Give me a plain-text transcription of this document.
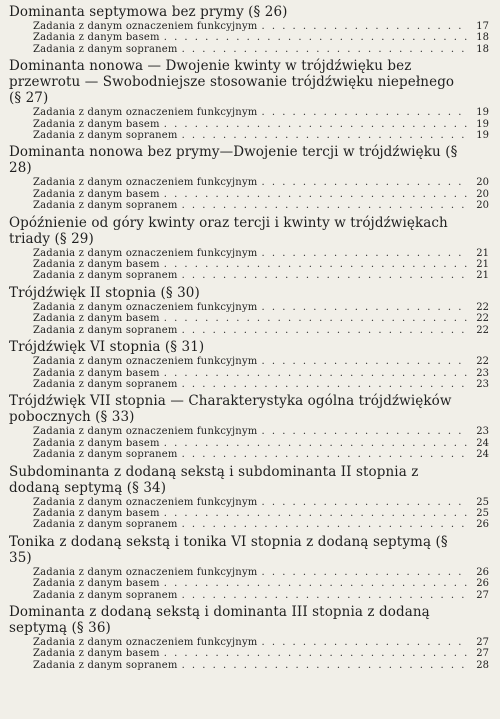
Dominanta septymowa bez prymy (§ 26)
Zadania z danym oznaczeniem funkcyjnym . . .	17
Zadania z danym basem . . .	18
Zadania z danym sopranem . . .	18
Dominanta nonowa — Dwojenie kwinty w trójdźwięku bez przewrotu — Swobodniejsze stosowanie trójdźwięku niepełnego (§ 27)
Zadania z danym oznaczeniem funkcyjnym . . .	19
Zadania z danym basem . . .	19
Zadania z danym sopranem . . .	19
Dominanta nonowa bez prymy—Dwojenie tercji w trójdźwięku (§ 28)
Zadania z danym oznaczeniem funkcyjnym . . .	20
Zadania z danym basem . . .	20
Zadania z danym sopranem . . .	20
Opóźnienie od góry kwinty oraz tercji i kwinty w trójdźwiękach triady (§ 29)
Zadania z danym oznaczeniem funkcyjnym . . .	21
Zadania z danym basem . . .	21
Zadania z danym sopranem . . .	21
Trójdźwięk II stopnia (§ 30)
Zadania z danym oznaczeniem funkcyjnym . . .	22
Zadania z danym basem . . .	22
Zadania z danym sopranem . . .	22
Trójdźwięk VI stopnia (§ 31)
Zadania z danym oznaczeniem funkcyjnym . . .	22
Zadania z danym basem . . .	23
Zadania z danym sopranem . . .	23
Trójdźwięk VII stopnia — Charakterystyka ogólna trójdźwięków pobocznych (§ 33)
Zadania z danym oznaczeniem funkcyjnym . . .	23
Zadania z danym basem . . .	24
Zadania z danym sopranem . . .	24
Subdominanta z dodaną sekstą i subdominanta II stopnia z dodaną septymą (§ 34)
Zadania z danym oznaczeniem funkcyjnym . . .	25
Zadania z danym basem . . .	25
Zadania z danym sopranem . . .	26
Tonika z dodaną sekstą i tonika VI stopnia z dodaną septymą (§ 35)
Zadania z danym oznaczeniem funkcyjnym . . .	26
Zadania z danym basem . . .	26
Zadania z danym sopranem . . .	27
Dominanta z dodaną sekstą i dominanta III stopnia z dodaną septymą (§ 36)
Zadania z danym oznaczeniem funkcyjnym . . .	27
Zadania z danym basem . . .	27
Zadania z danym sopranem . . .	28
